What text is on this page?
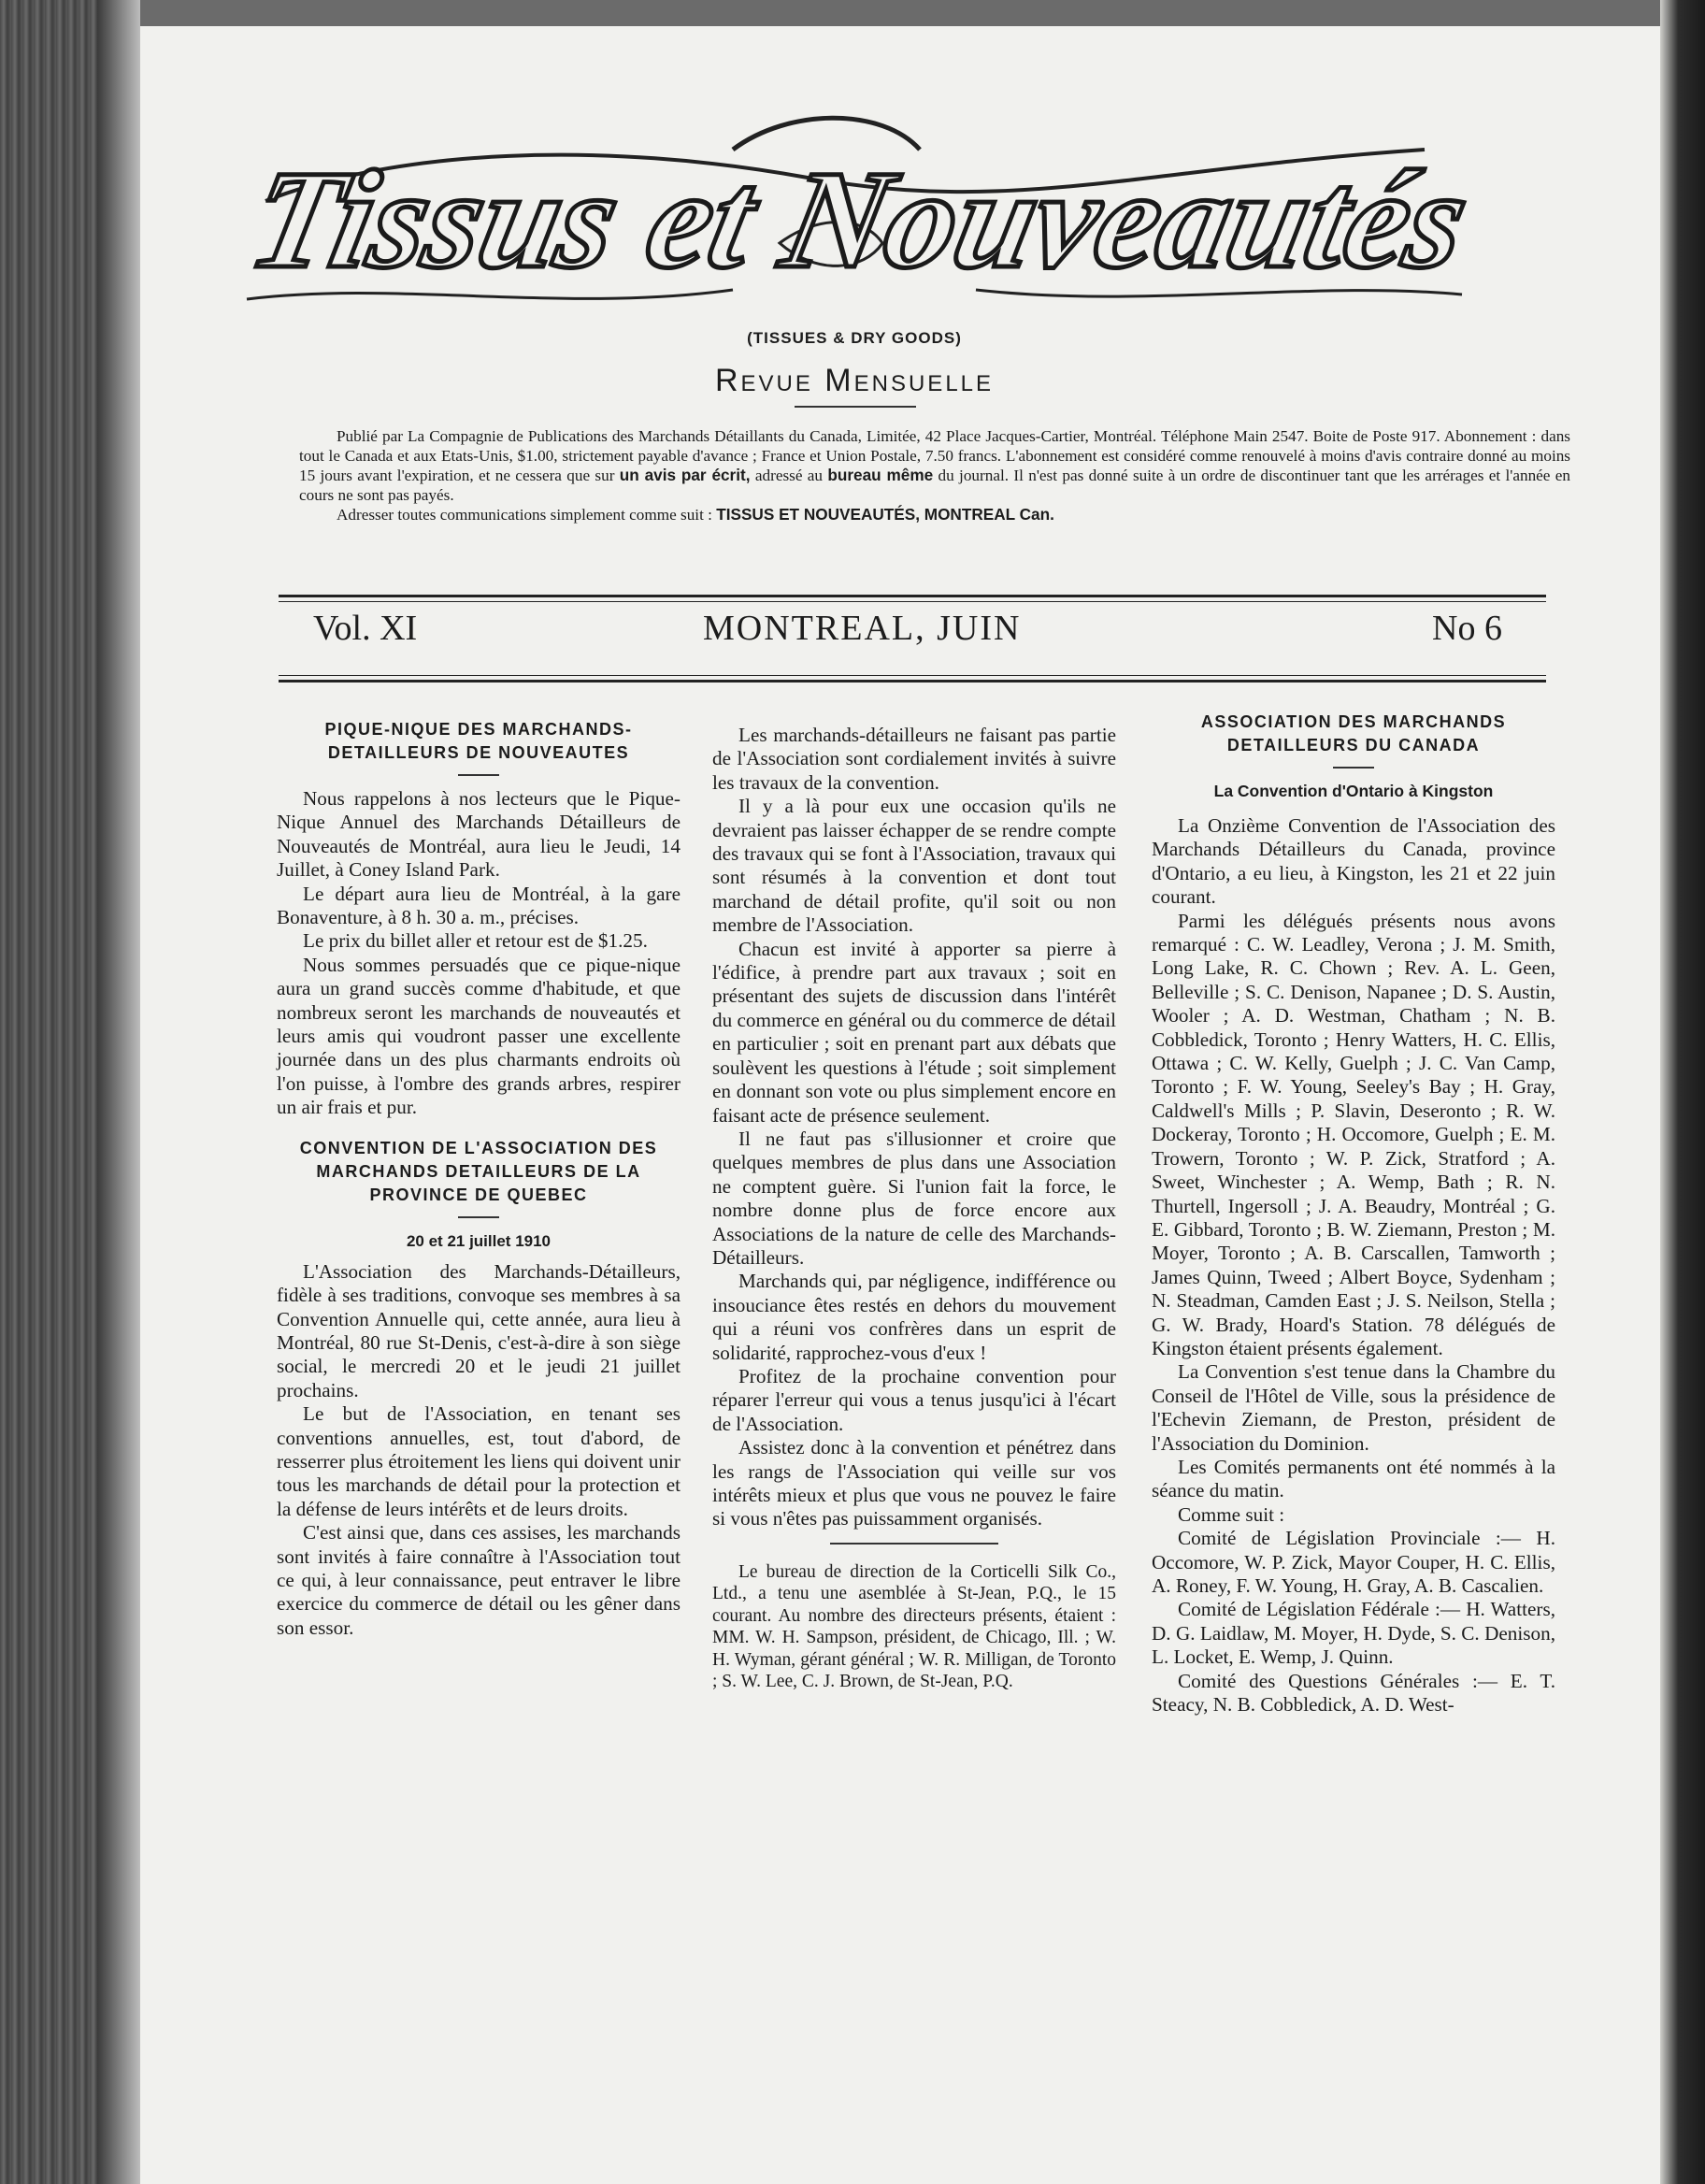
Tissus et Nouveautés
(TISSUES & DRY GOODS)
Revue Mensuelle

Publié par La Compagnie de Publications des Marchands Détaillants du Canada, Limitée, 42 Place Jacques-Cartier, Montréal. Téléphone Main 2547. Boite de Poste 917. Abonnement : dans tout le Canada et aux Etats-Unis, $1.00, strictement payable d'avance ; France et Union Postale, 7.50 francs. L'abonnement est considéré comme renouvelé à moins d'avis contraire donné au moins 15 jours avant l'expiration, et ne cessera que sur un avis par écrit, adressé au bureau même du journal. Il n'est pas donné suite à un ordre de discontinuer tant que les arrérages et l'année en cours ne sont pas payés.

Adresser toutes communications simplement comme suit : TISSUS ET NOUVEAUTÉS, MONTREAL Can.

Vol. XI	MONTREAL, JUIN	No 6
PIQUE-NIQUE DES MARCHANDS-DETAILLEURS DE NOUVEAUTES

Nous rappelons à nos lecteurs que le Pique-Nique Annuel des Marchands Détailleurs de Nouveautés de Montréal, aura lieu le Jeudi, 14 Juillet, à Coney Island Park.

Le départ aura lieu de Montréal, à la gare Bonaventure, à 8 h. 30 a. m., précises.

Le prix du billet aller et retour est de $1.25.

Nous sommes persuadés que ce pique-nique aura un grand succès comme d'habitude, et que nombreux seront les marchands de nouveautés et leurs amis qui voudront passer une excellente journée dans un des plus charmants endroits où l'on puisse, à l'ombre des grands arbres, respirer un air frais et pur.

CONVENTION DE L'ASSOCIATION DES MARCHANDS DETAILLEURS DE LA PROVINCE DE QUEBEC
20 et 21 juillet 1910

L'Association des Marchands-Détailleurs, fidèle à ses traditions, convoque ses membres à sa Convention Annuelle qui, cette année, aura lieu à Montréal, 80 rue St-Denis, c'est-à-dire à son siège social, le mercredi 20 et le jeudi 21 juillet prochains.

Le but de l'Association, en tenant ses conventions annuelles, est, tout d'abord, de resserrer plus étroitement les liens qui doivent unir tous les marchands de détail pour la protection et la défense de leurs intérêts et de leurs droits.

C'est ainsi que, dans ces assises, les marchands sont invités à faire connaître à l'Association tout ce qui, à leur connaissance, peut entraver le libre exercice du commerce de détail ou les gêner dans son essor.

Les marchands-détailleurs ne faisant pas partie de l'Association sont cordialement invités à suivre les travaux de la convention.

Il y a là pour eux une occasion qu'ils ne devraient pas laisser échapper de se rendre compte des travaux qui se font à l'Association, travaux qui sont résumés à la convention et dont tout marchand de détail profite, qu'il soit ou non membre de l'Association.

Chacun est invité à apporter sa pierre à l'édifice, à prendre part aux travaux ; soit en présentant des sujets de discussion dans l'intérêt du commerce en général ou du commerce de détail en particulier ; soit en prenant part aux débats que soulèvent les questions à l'étude ; soit simplement en donnant son vote ou plus simplement encore en faisant acte de présence seulement.

Il ne faut pas s'illusionner et croire que quelques membres de plus dans une Association ne comptent guère. Si l'union fait la force, le nombre donne plus de force encore aux Associations de la nature de celle des Marchands-Détailleurs.

Marchands qui, par négligence, indifférence ou insouciance êtes restés en dehors du mouvement qui a réuni vos confrères dans un esprit de solidarité, rapprochez-vous d'eux !

Profitez de la prochaine convention pour réparer l'erreur qui vous a tenus jusqu'ici à l'écart de l'Association.

Assistez donc à la convention et pénétrez dans les rangs de l'Association qui veille sur vos intérêts mieux et plus que vous ne pouvez le faire si vous n'êtes pas puissamment organisés.

Le bureau de direction de la Corticelli Silk Co., Ltd., a tenu une asemblée à St-Jean, P.Q., le 15 courant. Au nombre des directeurs présents, étaient : MM. W. H. Sampson, président, de Chicago, Ill. ; W. H. Wyman, gérant général ; W. R. Milligan, de Toronto ; S. W. Lee, C. J. Brown, de St-Jean, P.Q.

ASSOCIATION DES MARCHANDS DETAILLEURS DU CANADA
La Convention d'Ontario à Kingston

La Onzième Convention de l'Association des Marchands Détailleurs du Canada, province d'Ontario, a eu lieu, à Kingston, les 21 et 22 juin courant.

Parmi les délégués présents nous avons remarqué : C. W. Leadley, Verona ; J. M. Smith, Long Lake, R. C. Chown ; Rev. A. L. Geen, Belleville ; S. C. Denison, Napanee ; D. S. Austin, Wooler ; A. D. Westman, Chatham ; N. B. Cobbledick, Toronto ; Henry Watters, H. C. Ellis, Ottawa ; C. W. Kelly, Guelph ; J. C. Van Camp, Toronto ; F. W. Young, Seeley's Bay ; H. Gray, Caldwell's Mills ; P. Slavin, Deseronto ; R. W. Dockeray, Toronto ; H. Occomore, Guelph ; E. M. Trowern, Toronto ; W. P. Zick, Stratford ; A. Sweet, Winchester ; A. Wemp, Bath ; R. N. Thurtell, Ingersoll ; J. A. Beaudry, Montréal ; G. E. Gibbard, Toronto ; B. W. Ziemann, Preston ; M. Moyer, Toronto ; A. B. Carscallen, Tamworth ; James Quinn, Tweed ; Albert Boyce, Sydenham ; N. Steadman, Camden East ; J. S. Neilson, Stella ; G. W. Brady, Hoard's Station. 78 délégués de Kingston étaient présents également.

La Convention s'est tenue dans la Chambre du Conseil de l'Hôtel de Ville, sous la présidence de l'Echevin Ziemann, de Preston, président de l'Association du Dominion.

Les Comités permanents ont été nommés à la séance du matin.

Comme suit :

Comité de Législation Provinciale :— H. Occomore, W. P. Zick, Mayor Couper, H. C. Ellis, A. Roney, F. W. Young, H. Gray, A. B. Cascalien.

Comité de Législation Fédérale :— H. Watters, D. G. Laidlaw, M. Moyer, H. Dyde, S. C. Denison, L. Locket, E. Wemp, J. Quinn.

Comité des Questions Générales :— E. T. Steacy, N. B. Cobbledick, A. D. West-
